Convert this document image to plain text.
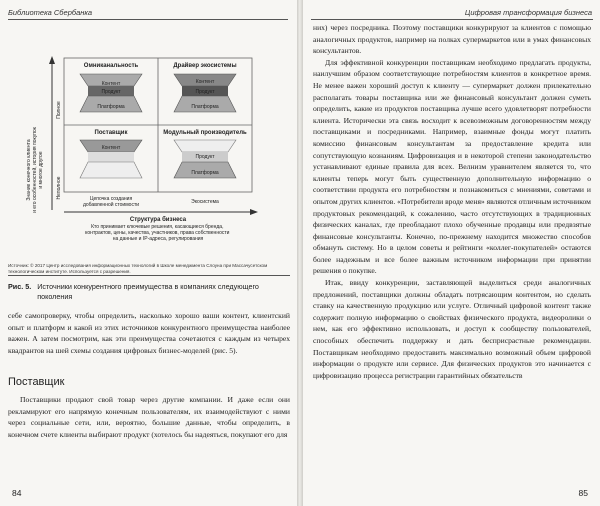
Библиотека Сбербанка
Знание конечного клиента и его особенностей, история покупок и многое другое
Полное
Неполное
Омниканальность	Драйвер экосистемы
Поставщик	Модульный производитель
Контент
Продукт
Платформа
Контент
Продукт
Платформа
Контент
Продукт
Платформа
Цепочка создания добавленной стоимости	Экосистема
Структура бизнеса
Кто принимает ключевые решения, касающиеся бренда, контрактов, цены, качества, участников, права собственности на данные и IP-адреса, регулирования
Источник: © 2017 Центр исследования информационных технологий в Школе менеджмента Слоуна при Массачусетском технологическом институте. Используется с разрешения.
Рис. 5. Источники конкурентного преимущества в компаниях следующего поколения

себе самопроверку, чтобы определить, насколько хорошо ваши контент, клиентский опыт и платформ и какой из этих источников конкурентного преимущества наиболее важен. А затем посмотрим, как эти преимущества сочетаются с каждым из четырех квадрантов на шей схемы создания цифровых бизнес-моделей (рис. 5).

Поставщик

Поставщики продают свой товар через другие компании. И даже если они рекламируют его напрямую конечным пользователям, их взаимодействуют с ними через социальные сети, или, вероятно, большие данные, чтобы определить, в конечном счете клиенты выбирают продукт (хотелось бы надеяться, покупают его для

84
Цифровая трансформация бизнеса

них) через посредника. Поэтому поставщики конкурируют за клиентов с помощью аналогичных продуктов, например на полках супермаркетов или в умах финансовых консультантов.

Для эффективной конкуренции поставщикам необходимо предлагать продукты, наилучшим образом соответствующие потребностям клиентов в конкретное время. Не менее важен хороший доступ к клиенту — супермаркет должен прилекательно располагать товары поставщика или же финансовый консультант должен суметь определить, какие из продуктов поставщика лучше всего удовлетворят потребности клиента. Исторически эта связь восходит к всевозможным договоренностям между поставщиками и посредниками. Например, взаимные фонды могут платить комиссию финансовым консультантам за предоставление кредита или сопутствующую кознаниям. Цифровизация и в некоторой степени законодательство устанавливают единые правила для всех. Велнизм уравнителем является то, что клиенты теперь могут быть существенную дополнительную информацию о соответствии продукта его потребностям и познакомиться с мнениями, советами и опытом других клиентов. «Потребители вроде меня» являются отличным источником продуктовых рекомендаций, к сожалению, часто отсутствующих в традиционных физических каналах, где преобладают плохо обученные продавцы или предвзятые финансовые консультанты. Конечно, по-прежнему находится множество способов обмануть систему. Но в целом советы и рейтинги «коллег-покупателей» остаются более надежным и все более важным источником информации при принятии решения о покупке.

Итак, ввиду конкуренции, заставляющей выделиться среди аналогичных предложений, поставщики должны обладать потрясающим контентом, но сделать ставку на качественную продукцию или услуге. Отличный цифровой контент также содержит полную информацию о свойствах физического продукта, видеоролики о нем, как его эффективно использовать, и доступ к сообществу пользователей, способных обеспечить поддержку и дать бесприсрастные рекомендации. Поставщикам необходимо предоставить максимально возможный объем цифровой информации о продукте или сервисе. Для физических продуктов это начинается с цифровизацию процесса регистрации гарантийных обязательств

85
